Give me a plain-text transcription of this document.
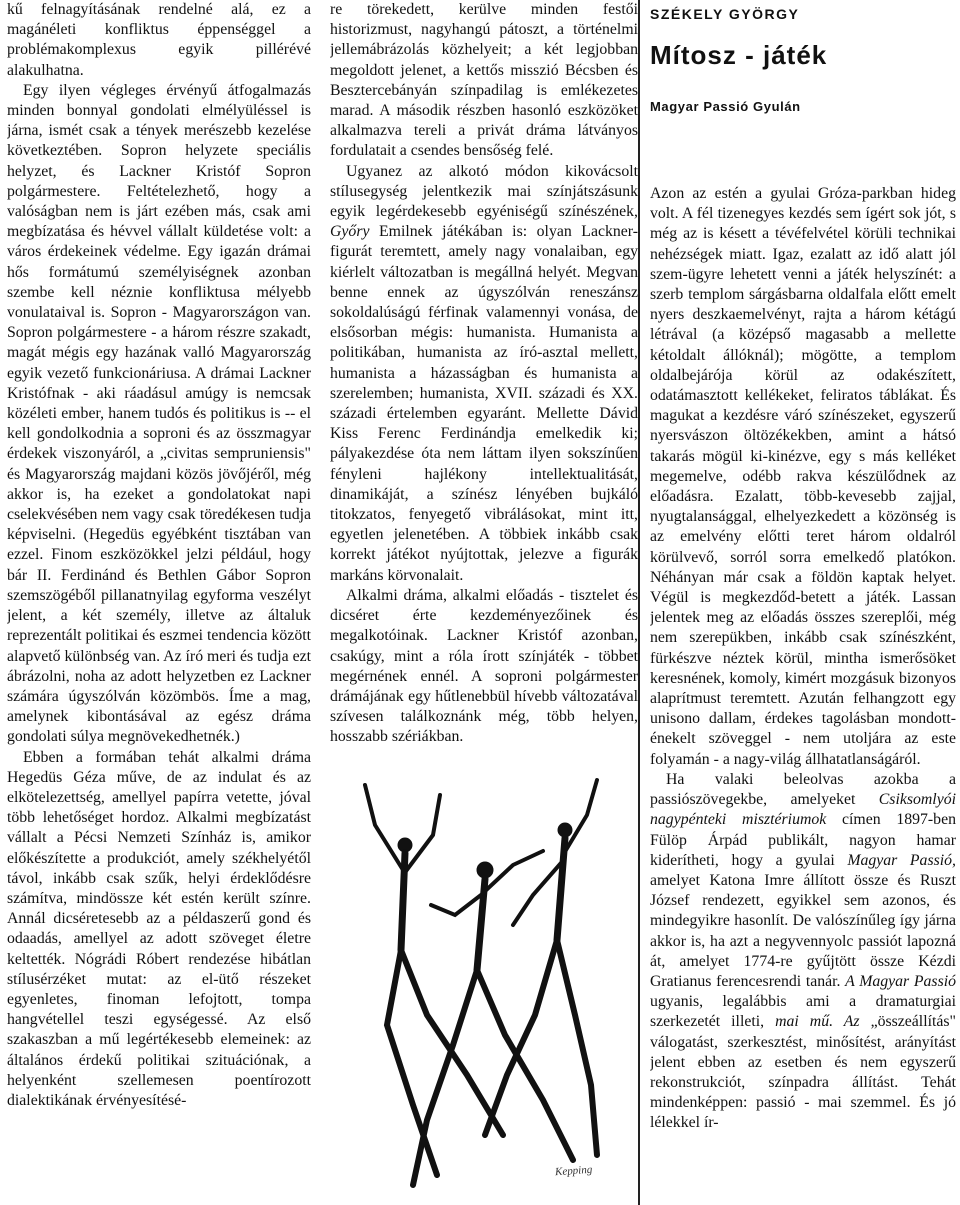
kű felnagyításának rendelné alá, ez a magánéleti konfliktus éppenséggel a problémakomplexus egyik pillérévé alakulhatna.

Egy ilyen végleges érvényű átfogalmazás minden bonnyal gondolati elmélyüléssel is járna, ismét csak a tények merészebb kezelése következtében. Sopron helyzete speciális helyzet, és Lackner Kristóf Sopron polgármestere. Feltételezhető, hogy a valóságban nem is járt ezében más, csak ami megbízatása és hévvel vállalt küldetése volt: a város érdekeinek védelme. Egy igazán drámai hős formátumú személyiségnek azonban szembe kell néznie konfliktusa mélyebb vonulataival is. Sopron - Magyarországon van. Sopron polgármestere - a három részre szakadt, magát mégis egy hazának valló Magyarország egyik vezető funkcionáriusa. A drámai Lackner Kristófnak - aki ráadásul amúgy is nemcsak közéleti ember, hanem tudós és politikus is -- el kell gondolkodnia a soproni és az összmagyar érdekek viszonyáról, a „civitas sempruniensis" és Magyarország majdani közös jövőjéről, még akkor is, ha ezeket a gondolatokat napi cselekvésében nem vagy csak töredékesen tudja képviselni. (Hegedüs egyébként tisztában van ezzel. Finom eszközökkel jelzi például, hogy bár II. Ferdinánd és Bethlen Gábor Sopron szemszögéből pillanatnyilag egyforma veszélyt jelent, a két személy, illetve az általuk reprezentált politikai és eszmei tendencia között alapvető különbség van. Az író meri és tudja ezt ábrázolni, noha az adott helyzetben ez Lackner számára úgyszólván közömbös. Íme a mag, amelynek kibontásával az egész dráma gondolati súlya megnövekedhetnék.)

Ebben a formában tehát alkalmi dráma Hegedüs Géza műve, de az indulat és az elkötelezettség, amellyel papírra vetette, jóval több lehetőséget hordoz. Alkalmi megbízatást vállalt a Pécsi Nemzeti Színház is, amikor előkészítette a produkciót, amely székhelyétől távol, inkább csak szűk, helyi érdeklődésre számítva, mindössze két estén került színre. Annál dicséretesebb az a példaszerű gond és odaadás, amellyel az adott szöveget életre keltették. Nógrádi Róbert rendezése hibátlan stílusérzéket mutat: az el-ütő részeket egyenletes, finoman lefojtott, tompa hangvétellel teszi egységessé. Az első szakaszban a mű legértékesebb elemeinek: az általános érdekű politikai szituációnak, a helyenként szellemesen poentírozott dialektikának érvényesítésé-

re törekedett, kerülve minden festői historizmust, nagyhangú pátoszt, a történelmi jellemábrázolás közhelyeit; a két legjobban megoldott jelenet, a kettős misszió Bécsben és Besztercebányán színpadilag is emlékezetes marad. A második részben hasonló eszközöket alkalmazva tereli a privát dráma látványos fordulatait a csendes bensőség felé.

Ugyanez az alkotó módon kikovácsolt stílusegység jelentkezik mai színjátszásunk egyik legérdekesebb egyéniségű színészének, Győry Emilnek játékában is: olyan Lackner-figurát teremtett, amely nagy vonalaiban, egy kiérlelt változatban is megállná helyét. Megvan benne ennek az úgyszólván reneszánsz sokoldalúságú férfinak valamennyi vonása, de elsősorban mégis: humanista. Humanista a politikában, humanista az író-asztal mellett, humanista a házasságban és humanista a szerelemben; humanista, XVII. századi és XX. századi értelemben egyaránt. Mellette Dávid Kiss Ferenc Ferdinándja emelkedik ki; pályakezdése óta nem láttam ilyen sokszínűen fényleni hajlékony intellektualitását, dinamikáját, a színész lényében bujkáló titokzatos, fenyegető vibrálásokat, mint itt, egyetlen jelenetében. A többiek inkább csak korrekt játékot nyújtottak, jelezve a figurák markáns körvonalait.

Alkalmi dráma, alkalmi előadás - tisztelet és dicséret érte kezdeményezőinek és megalkotóinak. Lackner Kristóf azonban, csakúgy, mint a róla írott színjáték - többet megérnének ennél. A soproni polgármester drámájának egy hűtlenebbül hívebb változatával szívesen találkoznánk még, több helyen, hosszabb szériákban.

Kepping
SZÉKELY GYÖRGY
Mítosz - játék
Magyar Passió Gyulán

Azon az estén a gyulai Gróza-parkban hideg volt. A fél tizenegyes kezdés sem ígért sok jót, s még az is késett a tévéfelvétel körüli technikai nehézségek miatt. Igaz, ezalatt az idő alatt jól szem-ügyre lehetett venni a játék helyszínét: a szerb templom sárgásbarna oldalfala előtt emelt nyers deszkaemelvényt, rajta a három kétágú létrával (a középső magasabb a mellette kétoldalt állóknál); mögötte, a templom oldalbejárója körül az odakészített, odatámasztott kellékeket, feliratos táblákat. És magukat a kezdésre váró színészeket, egyszerű nyersvászon öltözékekben, amint a hátsó takarás mögül ki-kinézve, egy s más kelléket megemelve, odébb rakva készülődnek az előadásra. Ezalatt, több-kevesebb zajjal, nyugtalansággal, elhelyezkedett a közönség is az emelvény előtti teret három oldalról körülvevő, sorról sorra emelkedő platókon. Néhányan már csak a földön kaptak helyet. Végül is megkezdőd-betett a játék. Lassan jelentek meg az előadás összes szereplői, még nem szerepükben, inkább csak színészként, fürkészve néztek körül, mintha ismerősöket keresnének, komoly, kimért mozgásuk bizonyos alaprítmust teremtett. Azután felhangzott egy unisono dallam, érdekes tagolásban mondott-énekelt szöveggel - nem utoljára az este folyamán - a nagy-világ állhatatlanságáról.

Ha valaki beleolvas azokba a passiószövegekbe, amelyeket Csiksomlyói nagypénteki misztériumok címen 1897-ben Fülöp Árpád publikált, nagyon hamar kiderítheti, hogy a gyulai Magyar Passió, amelyet Katona Imre állított össze és Ruszt József rendezett, egyikkel sem azonos, és mindegyikre hasonlít. De valószínűleg így járna akkor is, ha azt a negyvennyolc passiót lapozná át, amelyet 1774-re gyűjtött össze Kézdi Gratianus ferencesrendi tanár. A Magyar Passió ugyanis, legalábbis ami a dramaturgiai szerkezetét illeti, mai mű. Az „összeállítás" válogatást, szerkesztést, minősítést, arányítást jelent ebben az esetben és nem egyszerű rekonstrukciót, színpadra állítást. Tehát mindenképpen: passió - mai szemmel. És jó lélekkel ír-
